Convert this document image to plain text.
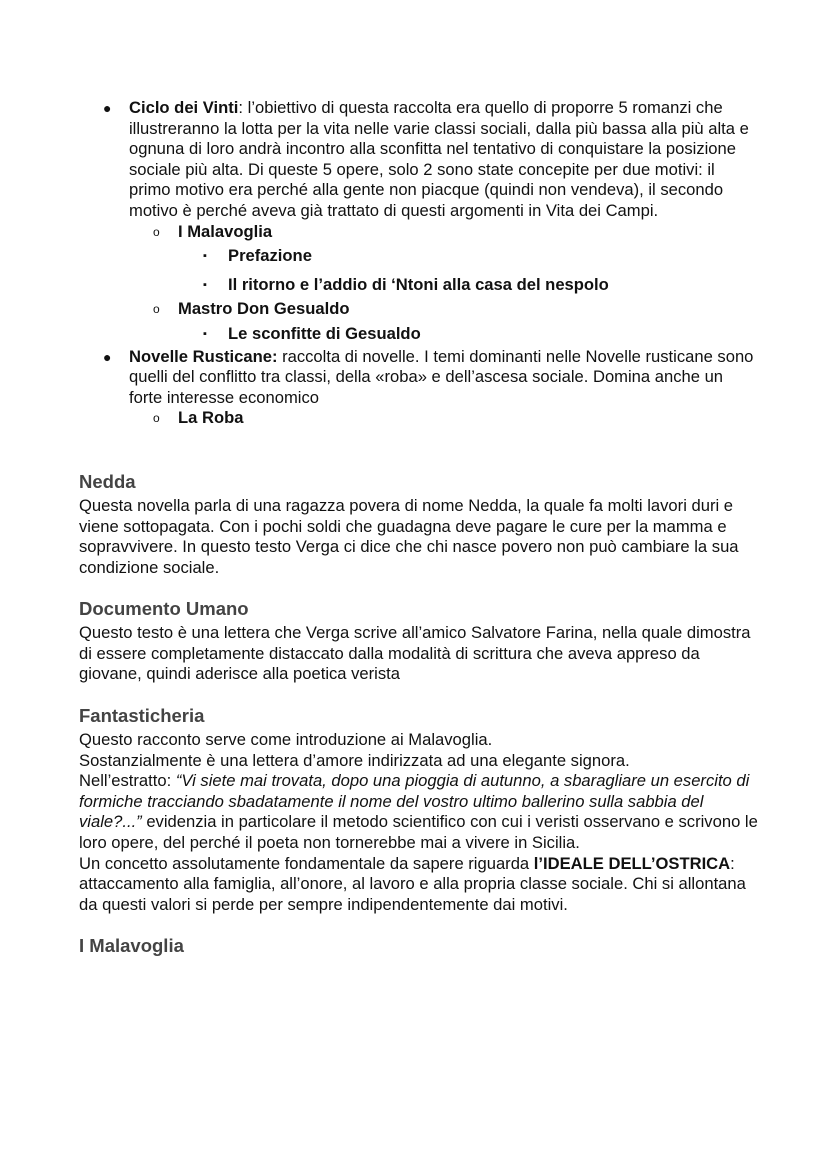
● Ciclo dei Vinti: l’obiettivo di questa raccolta era quello di proporre 5 romanzi che illustreranno la lotta per la vita nelle varie classi sociali, dalla più bassa alla più alta e ognuna di loro andrà incontro alla sconfitta nel tentativo di conquistare la posizione sociale più alta. Di queste 5 opere, solo 2 sono state concepite per due motivi: il primo motivo era perché alla gente non piacque (quindi non vendeva), il secondo motivo è perché aveva già trattato di questi argomenti in Vita dei Campi.

o I Malavoglia

▪ Prefazione

▪ Il ritorno e l’addio di ‘Ntoni alla casa del nespolo

o Mastro Don Gesualdo

▪ Le sconfitte di Gesualdo

● Novelle Rusticane: raccolta di novelle. I temi dominanti nelle Novelle rusticane sono quelli del conflitto tra classi, della «roba» e dell’ascesa sociale. Domina anche un forte interesse economico

o La Roba

Nedda

Questa novella parla di una ragazza povera di nome Nedda, la quale fa molti lavori duri e viene sottopagata. Con i pochi soldi che guadagna deve pagare le cure per la mamma e sopravvivere. In questo testo Verga ci dice che chi nasce povero non può cambiare la sua condizione sociale.

Documento Umano

Questo testo è una lettera che Verga scrive all’amico Salvatore Farina, nella quale dimostra di essere completamente distaccato dalla modalità di scrittura che aveva appreso da giovane, quindi aderisce alla poetica verista

Fantasticheria

Questo racconto serve come introduzione ai Malavoglia.

Sostanzialmente è una lettera d’amore indirizzata ad una elegante signora.

Nell’estratto: “Vi siete mai trovata, dopo una pioggia di autunno, a sbaragliare un esercito di formiche tracciando sbadatamente il nome del vostro ultimo ballerino sulla sabbia del viale?...” evidenzia in particolare il metodo scientifico con cui i veristi osservano e scrivono le loro opere, del perché il poeta non tornerebbe mai a vivere in Sicilia.

Un concetto assolutamente fondamentale da sapere riguarda l’IDEALE DELL’OSTRICA: attaccamento alla famiglia, all’onore, al lavoro e alla propria classe sociale. Chi si allontana da questi valori si perde per sempre indipendentemente dai motivi.

I Malavoglia
